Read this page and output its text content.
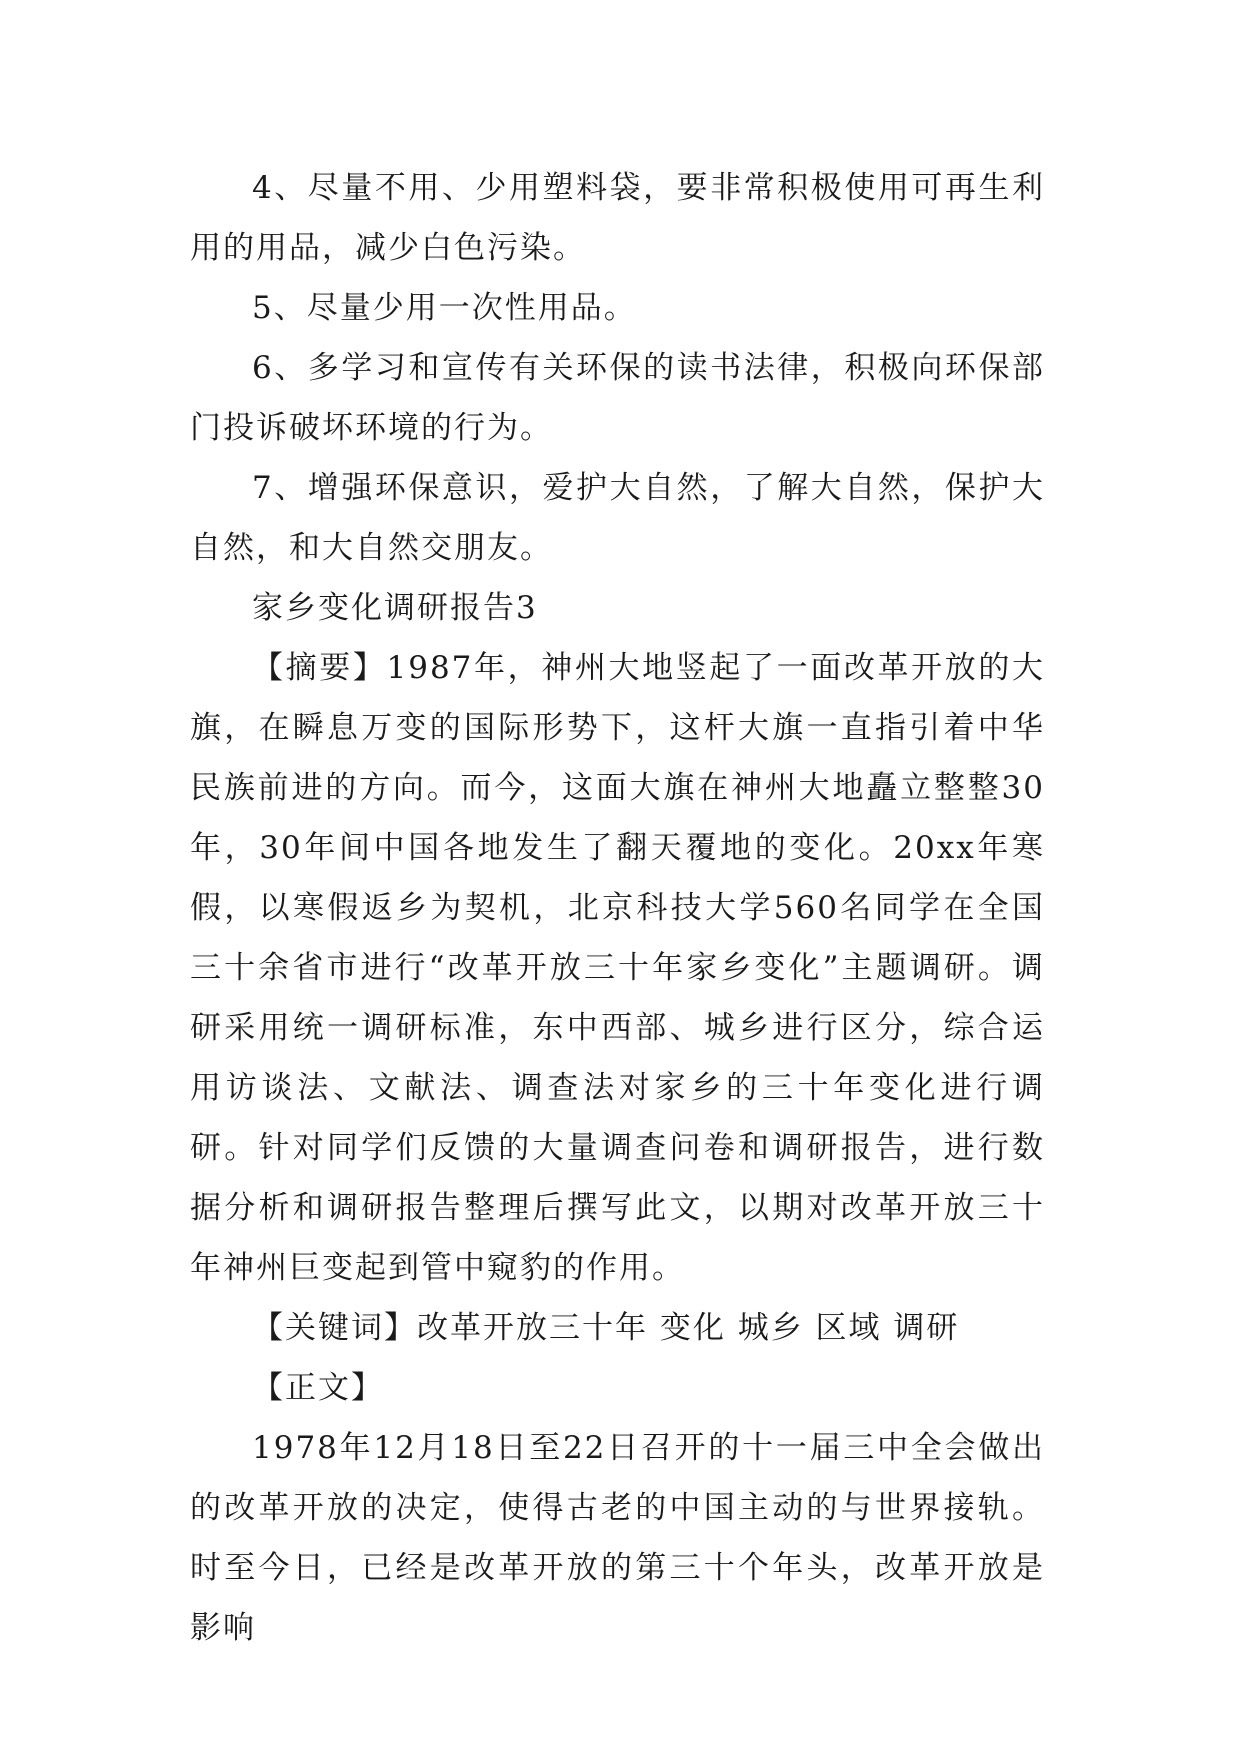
4、尽量不用、少用塑料袋，要非常积极使用可再生利用的用品，减少白色污染。

5、尽量少用一次性用品。

6、多学习和宣传有关环保的读书法律，积极向环保部门投诉破坏环境的行为。

7、增强环保意识，爱护大自然，了解大自然，保护大自然，和大自然交朋友。

家乡变化调研报告3

【摘要】1987年，神州大地竖起了一面改革开放的大旗，在瞬息万变的国际形势下，这杆大旗一直指引着中华民族前进的方向。而今，这面大旗在神州大地矗立整整30年，30年间中国各地发生了翻天覆地的变化。20xx年寒假，以寒假返乡为契机，北京科技大学560名同学在全国三十余省市进行“改革开放三十年家乡变化”主题调研。调研采用统一调研标准，东中西部、城乡进行区分，综合运用访谈法、文献法、调查法对家乡的三十年变化进行调研。针对同学们反馈的大量调查问卷和调研报告，进行数据分析和调研报告整理后撰写此文，以期对改革开放三十年神州巨变起到管中窥豹的作用。

【关键词】改革开放三十年 变化 城乡 区域 调研

【正文】

1978年12月18日至22日召开的十一届三中全会做出的改革开放的决定，使得古老的中国主动的与世界接轨。时至今日，已经是改革开放的第三十个年头，改革开放是影响
